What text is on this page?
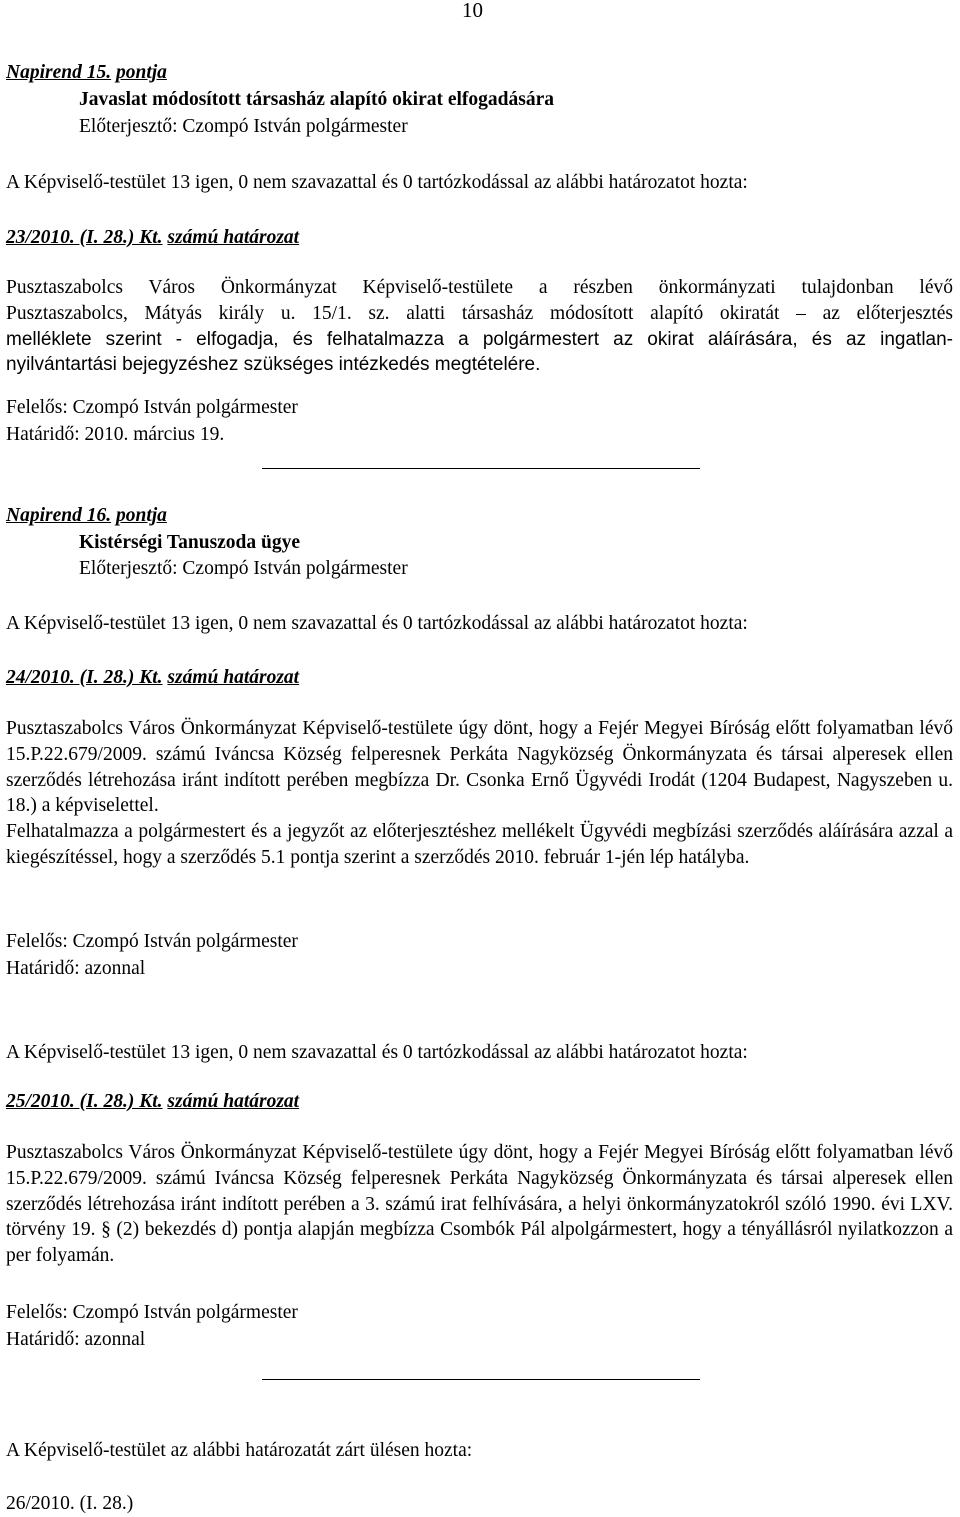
10
Napirend 15. pontja
Javaslat módosított társasház alapító okirat elfogadására
Előterjesztő: Czompó István polgármester
A Képviselő-testület 13 igen, 0 nem szavazattal és 0 tartózkodással az alábbi határozatot hozta:
23/2010. (I. 28.) Kt. számú határozat
Pusztaszabolcs Város Önkormányzat Képviselő-testülete a részben önkormányzati tulajdonban lévő
Pusztaszabolcs, Mátyás király u. 15/1. sz. alatti társasház módosított alapító okiratát – az előterjesztés
melléklete szerint - elfogadja, és felhatalmazza a polgármestert az okirat aláírására, és az ingatlan-
nyilvántartási bejegyzéshez szükséges intézkedés megtételére.
Felelős: Czompó István polgármester
Határidő: 2010. március 19.
Napirend 16. pontja
Kistérségi Tanuszoda ügye
Előterjesztő: Czompó István polgármester
A Képviselő-testület 13 igen, 0 nem szavazattal és 0 tartózkodással az alábbi határozatot hozta:
24/2010. (I. 28.) Kt. számú határozat

Pusztaszabolcs Város Önkormányzat Képviselő-testülete úgy dönt, hogy a Fejér Megyei Bíróság előtt folyamatban lévő 15.P.22.679/2009. számú Iváncsa Község felperesnek Perkáta Nagyközség Önkormányzata és társai alperesek ellen szerződés létrehozása iránt indított perében megbízza Dr. Csonka Ernő Ügyvédi Irodát (1204 Budapest, Nagyszeben u. 18.) a képviselettel.

Felhatalmazza a polgármestert és a jegyzőt az előterjesztéshez mellékelt Ügyvédi megbízási szerződés aláírására azzal a kiegészítéssel, hogy a szerződés 5.1 pontja szerint a szerződés 2010. február 1-jén lép hatályba.

Felelős: Czompó István polgármester
Határidő: azonnal
A Képviselő-testület 13 igen, 0 nem szavazattal és 0 tartózkodással az alábbi határozatot hozta:
25/2010. (I. 28.) Kt. számú határozat
Pusztaszabolcs Város Önkormányzat Képviselő-testülete úgy dönt, hogy a Fejér Megyei Bíróság előtt folyamatban lévő 15.P.22.679/2009. számú Iváncsa Község felperesnek Perkáta Nagyközség Önkormányzata és társai alperesek ellen szerződés létrehozása iránt indított perében a 3. számú irat felhívására, a helyi önkormányzatokról szóló 1990. évi LXV. törvény 19. § (2) bekezdés d) pontja alapján megbízza Csombók Pál alpolgármestert, hogy a tényállásról nyilatkozzon a per folyamán.
Felelős: Czompó István polgármester
Határidő: azonnal
A Képviselő-testület az alábbi határozatát zárt ülésen hozta:
26/2010. (I. 28.)
